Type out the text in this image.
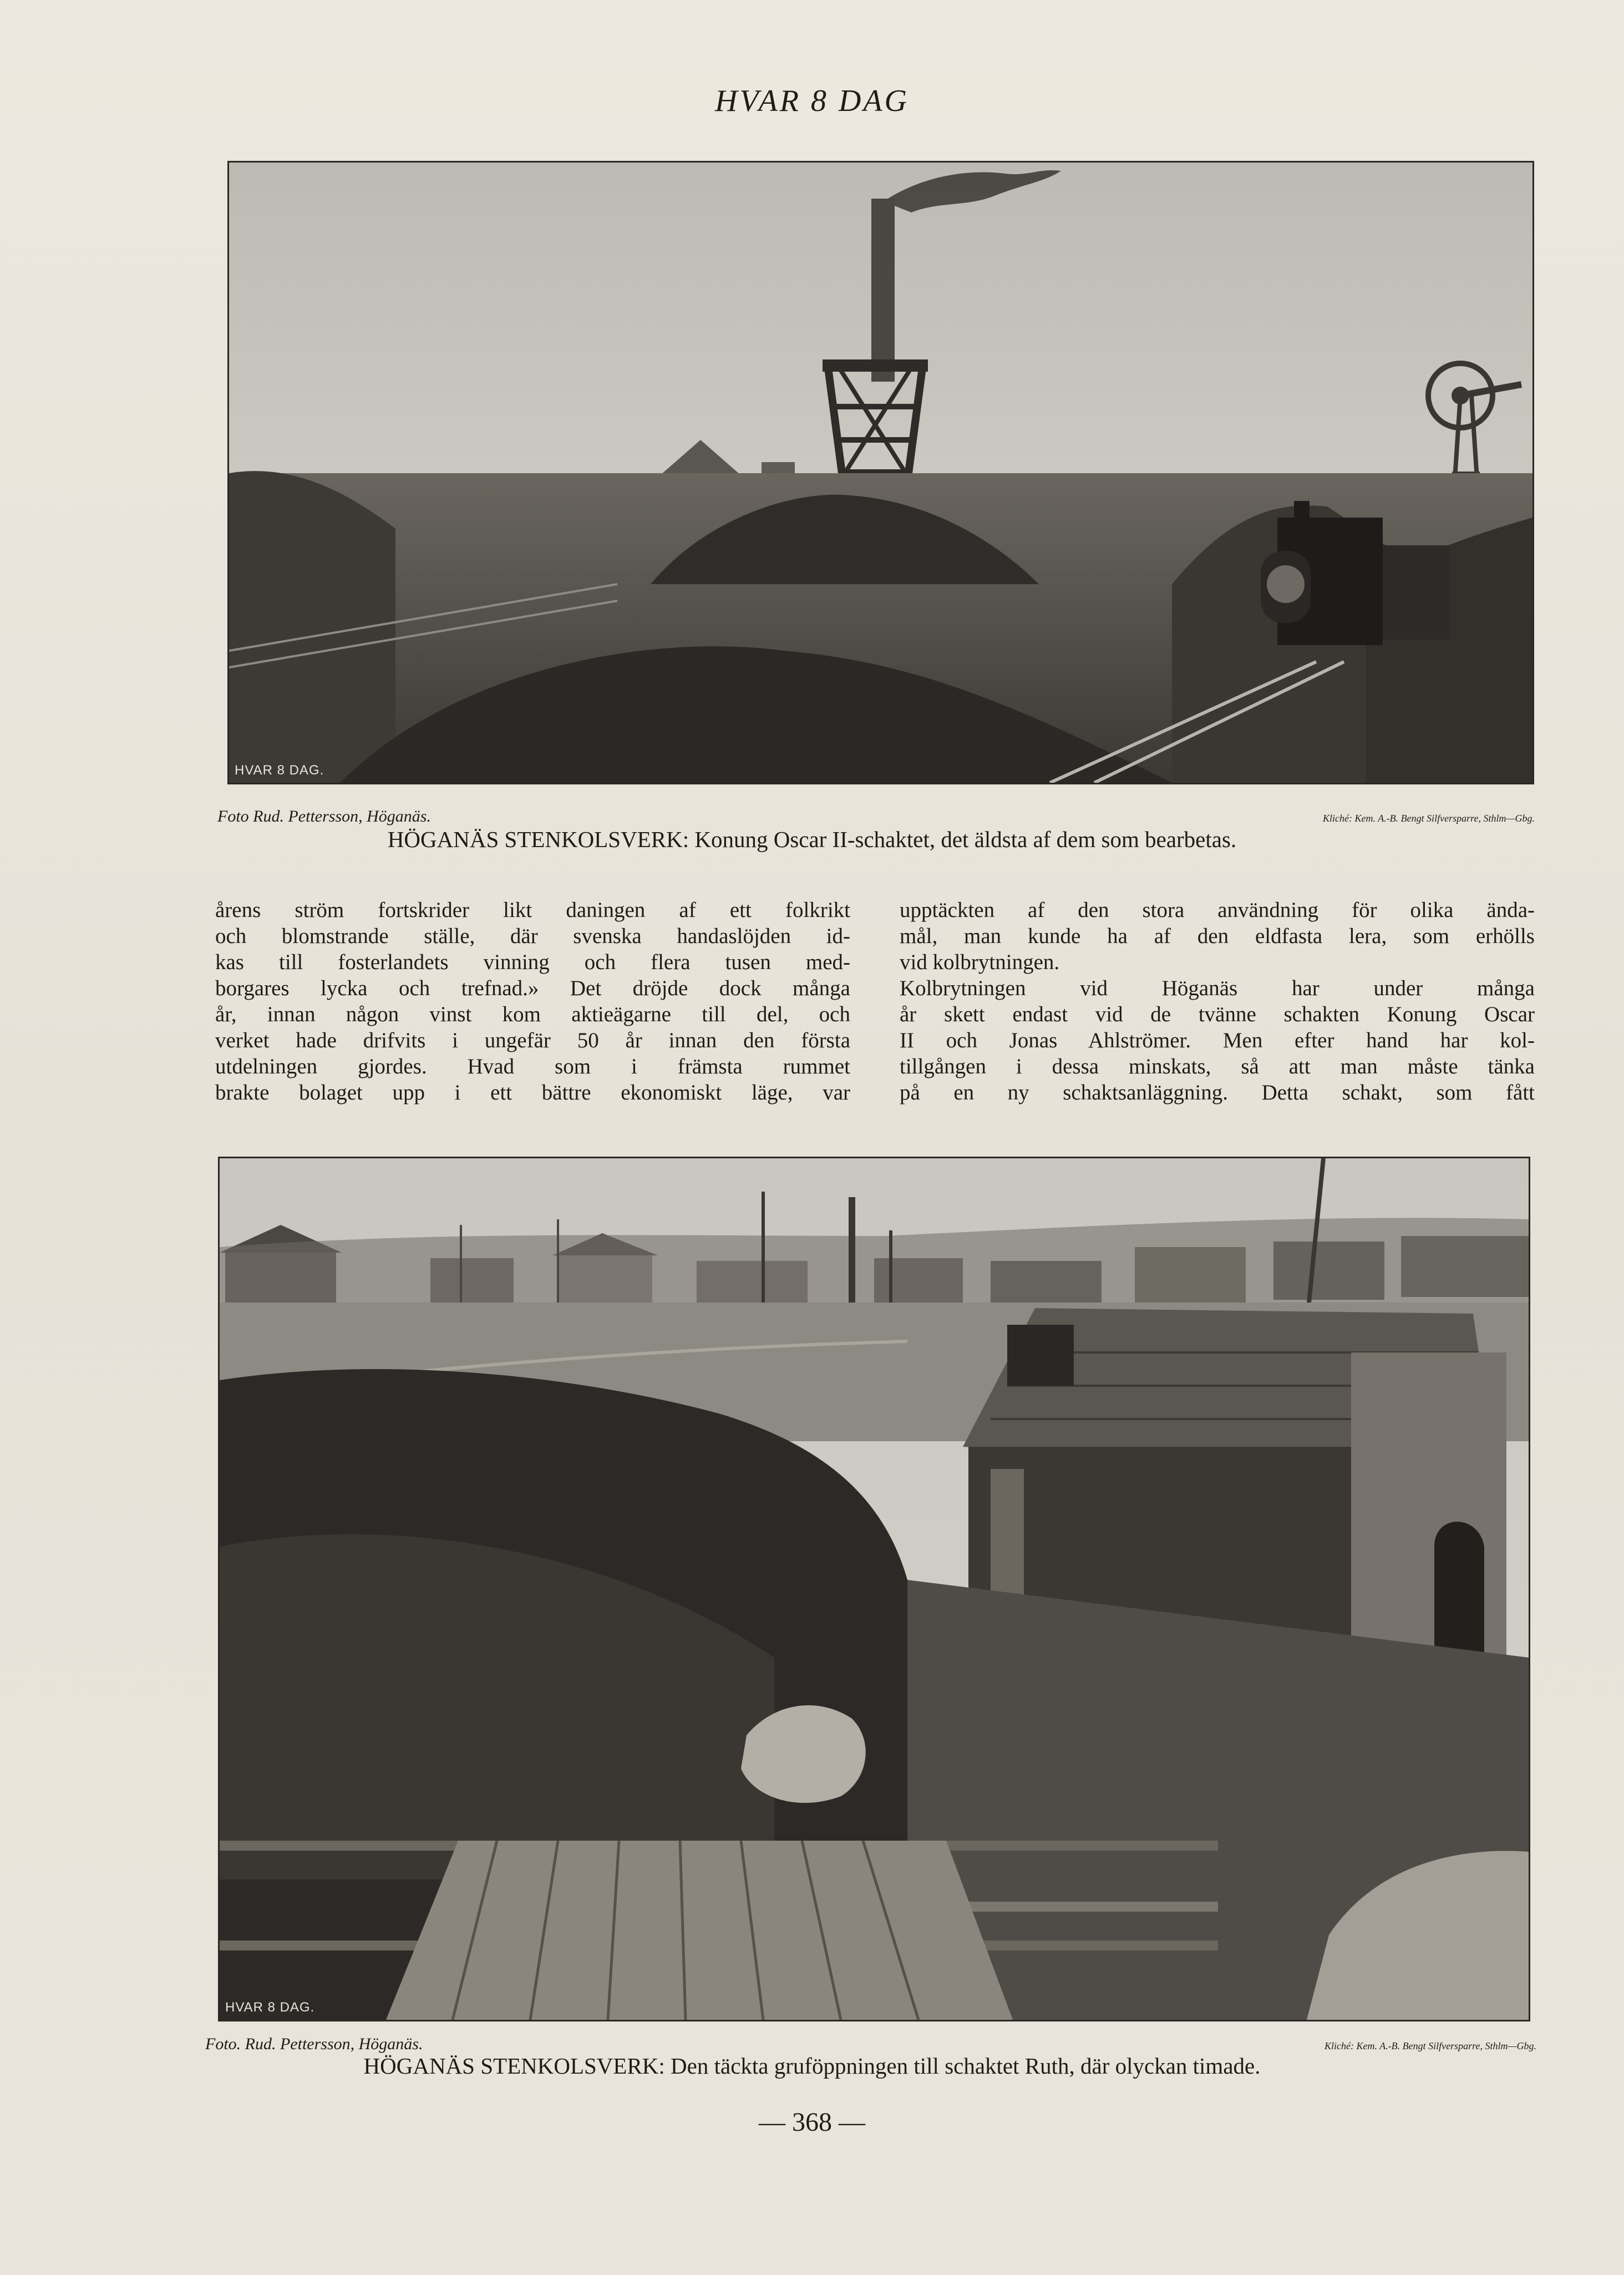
HVAR 8 DAG
HVAR 8 DAG.
Foto Rud. Pettersson, Höganäs.	Kliché: Kem. A.-B. Bengt Silfversparre, Sthlm—Gbg.
HÖGANÄS STENKOLSVERK: Konung Oscar II-schaktet, det äldsta af dem som bearbetas.
årens ström fortskrider likt daningen af ett folkrikt
och blomstrande ställe, där svenska handaslöjden id-
kas till fosterlandets vinning och flera tusen med-
borgares lycka och trefnad.» Det dröjde dock många
år, innan någon vinst kom aktieägarne till del, och
verket hade drifvits i ungefär 50 år innan den första
utdelningen gjordes. Hvad som i främsta rummet
brakte bolaget upp i ett bättre ekonomiskt läge, var
upptäckten af den stora användning för olika ända-
mål, man kunde ha af den eldfasta lera, som erhölls
vid kolbrytningen.
Kolbrytningen vid Höganäs har under många
år skett endast vid de tvänne schakten Konung Oscar
II och Jonas Ahlströmer. Men efter hand har kol-
tillgången i dessa minskats, så att man måste tänka
på en ny schaktsanläggning. Detta schakt, som fått
HVAR 8 DAG.
Foto. Rud. Pettersson, Höganäs.	Kliché: Kem. A.-B. Bengt Silfversparre, Sthlm—Gbg.
HÖGANÄS STENKOLSVERK: Den täckta gruföppningen till schaktet Ruth, där olyckan timade.
— 368 —
